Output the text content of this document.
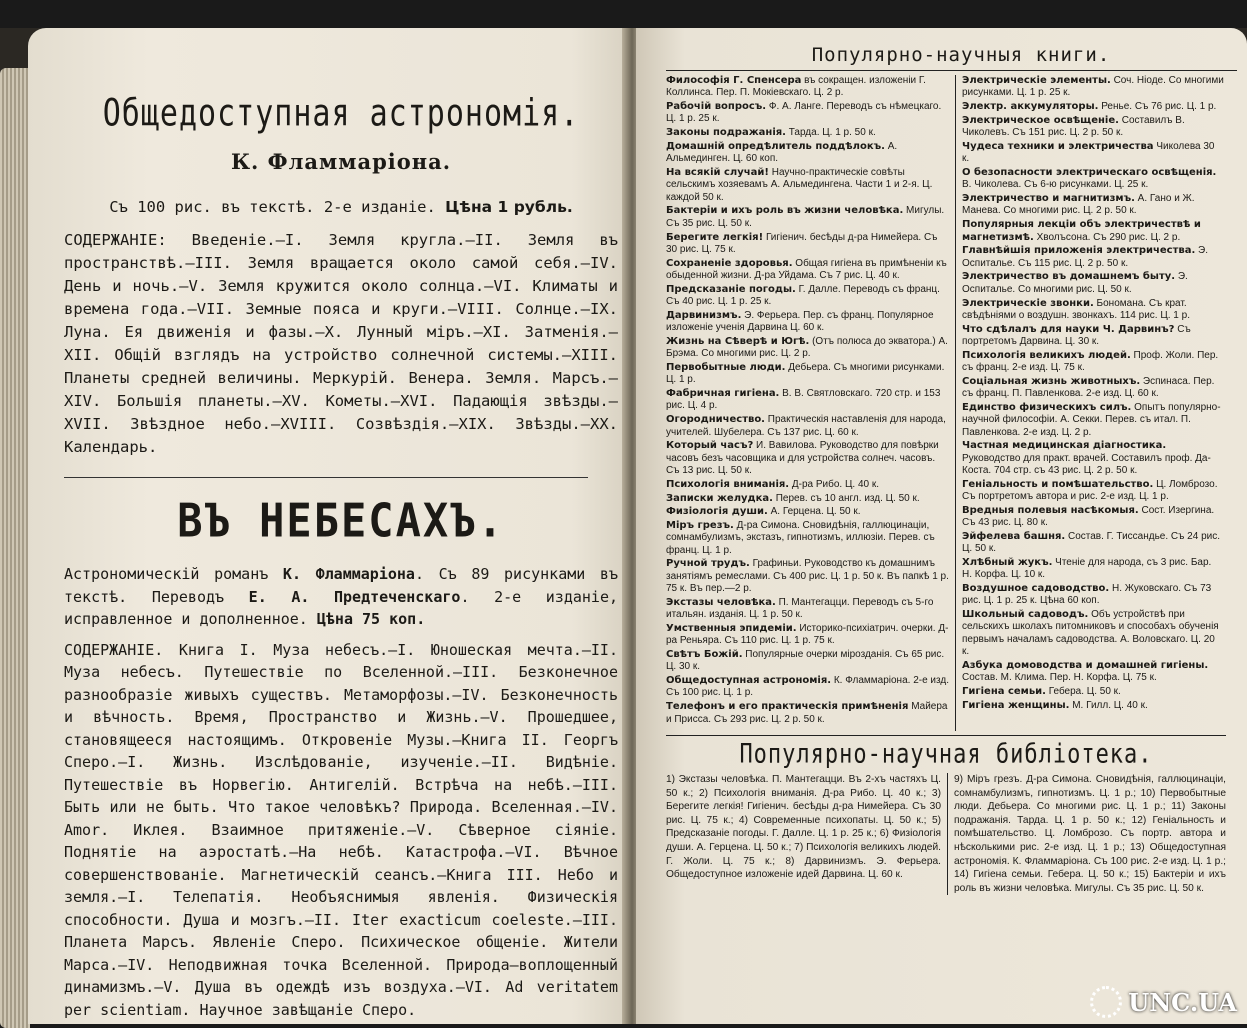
Общедоступная астрономія.
К. Фламмаріона.

Съ 100 рис. въ текстѣ. 2-е изданіе. Цѣна 1 рубль.

СОДЕРЖАНІЕ: Введеніе.—I. Земля кругла.—II. Земля въ пространствѣ.—III. Земля вращается около самой себя.—IV. День и ночь.—V. Земля кружится около солнца.—VI. Климаты и времена года.—VII. Земные пояса и круги.—VIII. Солнце.—IX. Луна. Ея движенія и фазы.—X. Лунный міръ.—XI. Затменія.—XII. Общій взглядъ на устройство солнечной системы.—XIII. Планеты средней величины. Меркурій. Венера. Земля. Марсъ.—XIV. Большія планеты.—XV. Кометы.—XVI. Падающія звѣзды.—XVII. Звѣздное небо.—XVIII. Созвѣздія.—XIX. Звѣзды.—XX. Календарь.

ВЪ НЕБЕСАХЪ.

Астрономическій романъ К. Фламмаріона. Съ 89 рисунками въ текстѣ. Переводъ Е. А. Предтеченскаго. 2-е изданіе, исправленное и дополненное. Цѣна 75 коп.

СОДЕРЖАНІЕ. Книга I. Муза небесъ.—I. Юношеская мечта.—II. Муза небесъ. Путешествіе по Вселенной.—III. Безконечное разнообразіе живыхъ существъ. Метаморфозы.—IV. Безконечность и вѣчность. Время, Пространство и Жизнь.—V. Прошедшее, становящееся настоящимъ. Откровеніе Музы.—Книга II. Георгъ Сперо.—I. Жизнь. Изслѣдованіе, изученіе.—II. Видѣніе. Путешествіе въ Норвегію. Антигелій. Встрѣча на небѣ.—III. Быть или не быть. Что такое человѣкъ? Природа. Вселенная.—IV. Amor. Иклея. Взаимное притяженіе.—V. Сѣверное сіяніе. Поднятіе на аэростатѣ.—На небѣ. Катастрофа.—VI. Вѣчное совершенствованіе. Магнетическій сеансъ.—Книга III. Небо и земля.—I. Телепатія. Необъяснимыя явленія. Физическія способности. Душа и мозгъ.—II. Iter exacticum coeleste.—III. Планета Марсъ. Явленіе Сперо. Психическое общеніе. Жители Марса.—IV. Неподвижная точка Вселенной. Природа—воплощенный динамизмъ.—V. Душа въ одеждѣ изъ воздуха.—VI. Ad veritatem per scientiam. Научное завѣщаніе Сперо.

Популярно-научныя книги.
Философія Г. Спенсера въ сокращен. изложеніи Г. Коллинса. Пер. П. Мокіевскаго. Ц. 2 р.
Рабочій вопросъ. Ф. А. Ланге. Переводъ съ нѣмецкаго. Ц. 1 р. 25 к.
Законы подражанія. Тарда. Ц. 1 р. 50 к.
Домашній опредѣлитель поддѣлокъ. А. Альмединген. Ц. 60 коп.
На всякій случай! Научно-практическіе совѣты сельскимъ хозяевамъ А. Альмедингена. Части 1 и 2-я. Ц. каждой 50 к.
Бактеріи и ихъ роль въ жизни человѣка. Мигулы. Съ 35 рис. Ц. 50 к.
Берегите легкія! Гигіенич. бесѣды д-ра Нимейера. Съ 30 рис. Ц. 75 к.
Сохраненіе здоровья. Общая гигіена въ примѣненіи къ обыденной жизни. Д-ра Уйдама. Съ 7 рис. Ц. 40 к.
Предсказаніе погоды. Г. Далле. Переводъ съ франц. Съ 40 рис. Ц. 1 р. 25 к.
Дарвинизмъ. Э. Ферьера. Пер. съ франц. Популярное изложеніе ученія Дарвина Ц. 60 к.
Жизнь на Сѣверѣ и Югѣ. (Отъ полюса до экватора.) А. Брэма. Со многими рис. Ц. 2 р.
Первобытные люди. Дебьера. Съ многими рисунками. Ц. 1 р.
Фабричная гигіена. В. В. Святловскаго. 720 стр. и 153 рис. Ц. 4 р.
Огородничество. Практическія наставленія для народа, учителей. Шубелера. Съ 137 рис. Ц. 60 к.
Который часъ? И. Вавилова. Руководство для повѣрки часовъ безъ часовщика и для устройства солнеч. часовъ. Съ 13 рис. Ц. 50 к.
Психологія вниманія. Д-ра Рибо. Ц. 40 к.
Записки желудка. Перев. съ 10 англ. изд. Ц. 50 к.
Физіологія души. А. Герцена. Ц. 50 к.
Міръ грезъ. Д-ра Симона. Сновидѣнія, галлюцинаціи, сомнамбулизмъ, экстазъ, гипнотизмъ, иллюзіи. Перев. съ франц. Ц. 1 р.
Ручной трудъ. Графиньи. Руководство къ домашнимъ занятіямъ ремеслами. Съ 400 рис. Ц. 1 р. 50 к. Въ папкѣ 1 р. 75 к. Въ пер.—2 р.
Экстазы человѣка. П. Мантегацци. Переводъ съ 5-го итальян. изданія. Ц. 1 р. 50 к.
Умственныя эпидеміи. Историко-психіатрич. очерки. Д-ра Реньяра. Съ 110 рис. Ц. 1 р. 75 к.
Свѣтъ Божій. Популярные очерки мірозданія. Съ 65 рис. Ц. 30 к.
Общедоступная астрономія. К. Фламмаріона. 2-е изд. Съ 100 рис. Ц. 1 р.
Телефонъ и его практическія примѣненія Майера и Присса. Съ 293 рис. Ц. 2 р. 50 к.
Электрическіе элементы. Соч. Нiоде. Со многими рисунками. Ц. 1 р. 25 к.
Электр. аккумуляторы. Ренье. Съ 76 рис. Ц. 1 р.
Электрическое освѣщеніе. Составилъ В. Чиколевъ. Съ 151 рис. Ц. 2 р. 50 к.
Чудеса техники и электричества Чиколева 30 к.
О безопасности электрическаго освѣщенія. В. Чиколева. Съ 6-ю рисунками. Ц. 25 к.
Электричество и магнитизмъ. А. Гано и Ж. Манева. Со многими рис. Ц. 2 р. 50 к.
Популярныя лекціи объ электричествѣ и магнетизмѣ. Хволъсона. Съ 290 рис. Ц. 2 р.
Главнѣйшія приложенія электричества. Э. Оспиталье. Съ 115 рис. Ц. 2 р. 50 к.
Электричество въ домашнемъ быту. Э. Оспиталье. Со многими рис. Ц. 50 к.
Электрическіе звонки. Бономана. Съ крат. свѣдѣніями о воздушн. звонкахъ. 114 рис. Ц. 1 р.
Что сдѣлалъ для науки Ч. Дарвинъ? Съ портретомъ Дарвина. Ц. 30 к.
Психологія великихъ людей. Проф. Жоли. Пер. съ франц. 2-е изд. Ц. 75 к.
Соціальная жизнь животныхъ. Эспинаса. Пер. съ франц. П. Павленкова. 2-е изд. Ц. 60 к.
Единство физическихъ силъ. Опытъ популярно-научной философіи. А. Секки. Перев. съ итал. П. Павленкова. 2-е изд. Ц. 2 р.
Частная медицинская діагностика. Руководство для практ. врачей. Составилъ проф. Да-Коста. 704 стр. съ 43 рис. Ц. 2 р. 50 к.
Геніальность и помѣшательство. Ц. Ломброзо. Съ портретомъ автора и рис. 2-е изд. Ц. 1 р.
Вредныя полевыя насѣкомыя. Сост. Изергина. Съ 43 рис. Ц. 80 к.
Эйфелева башня. Состав. Г. Тиссандье. Съ 24 рис. Ц. 50 к.
Хлѣбный жукъ. Чтеніе для народа, съ 3 рис. Бар. Н. Корфа. Ц. 10 к.
Воздушное садоводство. Н. Жуковскаго. Съ 73 рис. Ц. 1 р. 25 к. Цѣна 60 коп.
Школьный садоводъ. Объ устройствѣ при сельскихъ школахъ питомниковъ и способахъ обученія первымъ началамъ садоводства. А. Воловскаго. Ц. 20 к.
Азбука домоводства и домашней гигіены. Состав. М. Клима. Пер. Н. Корфа. Ц. 75 к.
Гигіена семьи. Гебера. Ц. 50 к.
Гигіена женщины. М. Гилл. Ц. 40 к.
Популярно-научная библіотека.
1) Экстазы человѣка. П. Мантегацци. Въ 2-хъ частяхъ Ц. 50 к.; 2) Психологія вниманія. Д-ра Рибо. Ц. 40 к.; 3) Берегите легкія! Гигіенич. бесѣды д-ра Нимейера. Съ 30 рис. Ц. 75 к.; 4) Современные психопаты. Ц. 50 к.; 5) Предсказаніе погоды. Г. Далле. Ц. 1 р. 25 к.; 6) Физіологія души. А. Герцена. Ц. 50 к.; 7) Психологія великихъ людей. Г. Жоли. Ц. 75 к.; 8) Дарвинизмъ. Э. Ферьера. Общедоступное изложеніе идей Дарвина. Ц. 60 к.
9) Міръ грезъ. Д-ра Симона. Сновидѣнія, галлюцинаціи, сомнамбулизмъ, гипнотизмъ. Ц. 1 р.; 10) Первобытные люди. Дебьера. Со многими рис. Ц. 1 р.; 11) Законы подражанія. Тарда. Ц. 1 р. 50 к.; 12) Геніальность и помѣшательство. Ц. Ломброзо. Съ портр. автора и нѣсколькими рис. 2-е изд. Ц. 1 р.; 13) Общедоступная астрономія. К. Фламмаріона. Съ 100 рис. 2-е изд. Ц. 1 р.; 14) Гигіена семьи. Гебера. Ц. 50 к.; 15) Бактеріи и ихъ роль въ жизни человѣка. Мигулы. Съ 35 рис. Ц. 50 к.
UNC.UA
